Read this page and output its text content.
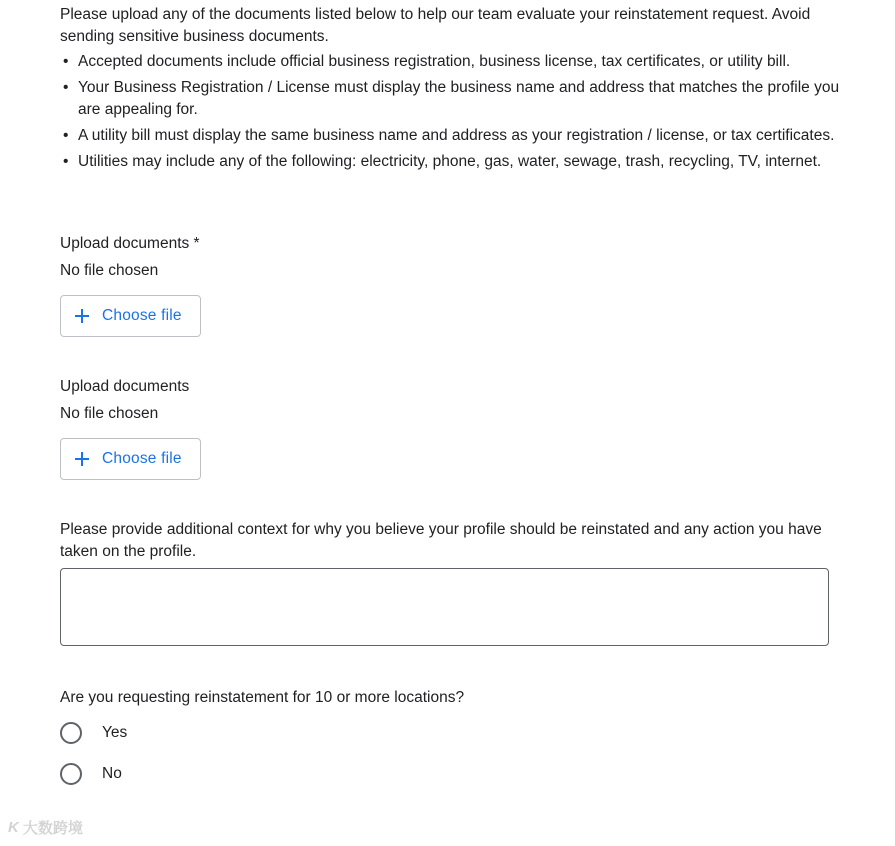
Please upload any of the documents listed below to help our team evaluate your reinstatement request. Avoid sending sensitive business documents.

• Accepted documents include official business registration, business license, tax certificates, or utility bill.
• Your Business Registration / License must display the business name and address that matches the profile you are appealing for.
• A utility bill must display the same business name and address as your registration / license, or tax certificates.
• Utilities may include any of the following: electricity, phone, gas, water, sewage, trash, recycling, TV, internet.
Upload documents *
No file chosen
Choose file
Upload documents
No file chosen
Choose file
Please provide additional context for why you believe your profile should be reinstated and any action you have taken on the profile.
Are you requesting reinstatement for 10 or more locations?
Yes
No
K 大数跨境
